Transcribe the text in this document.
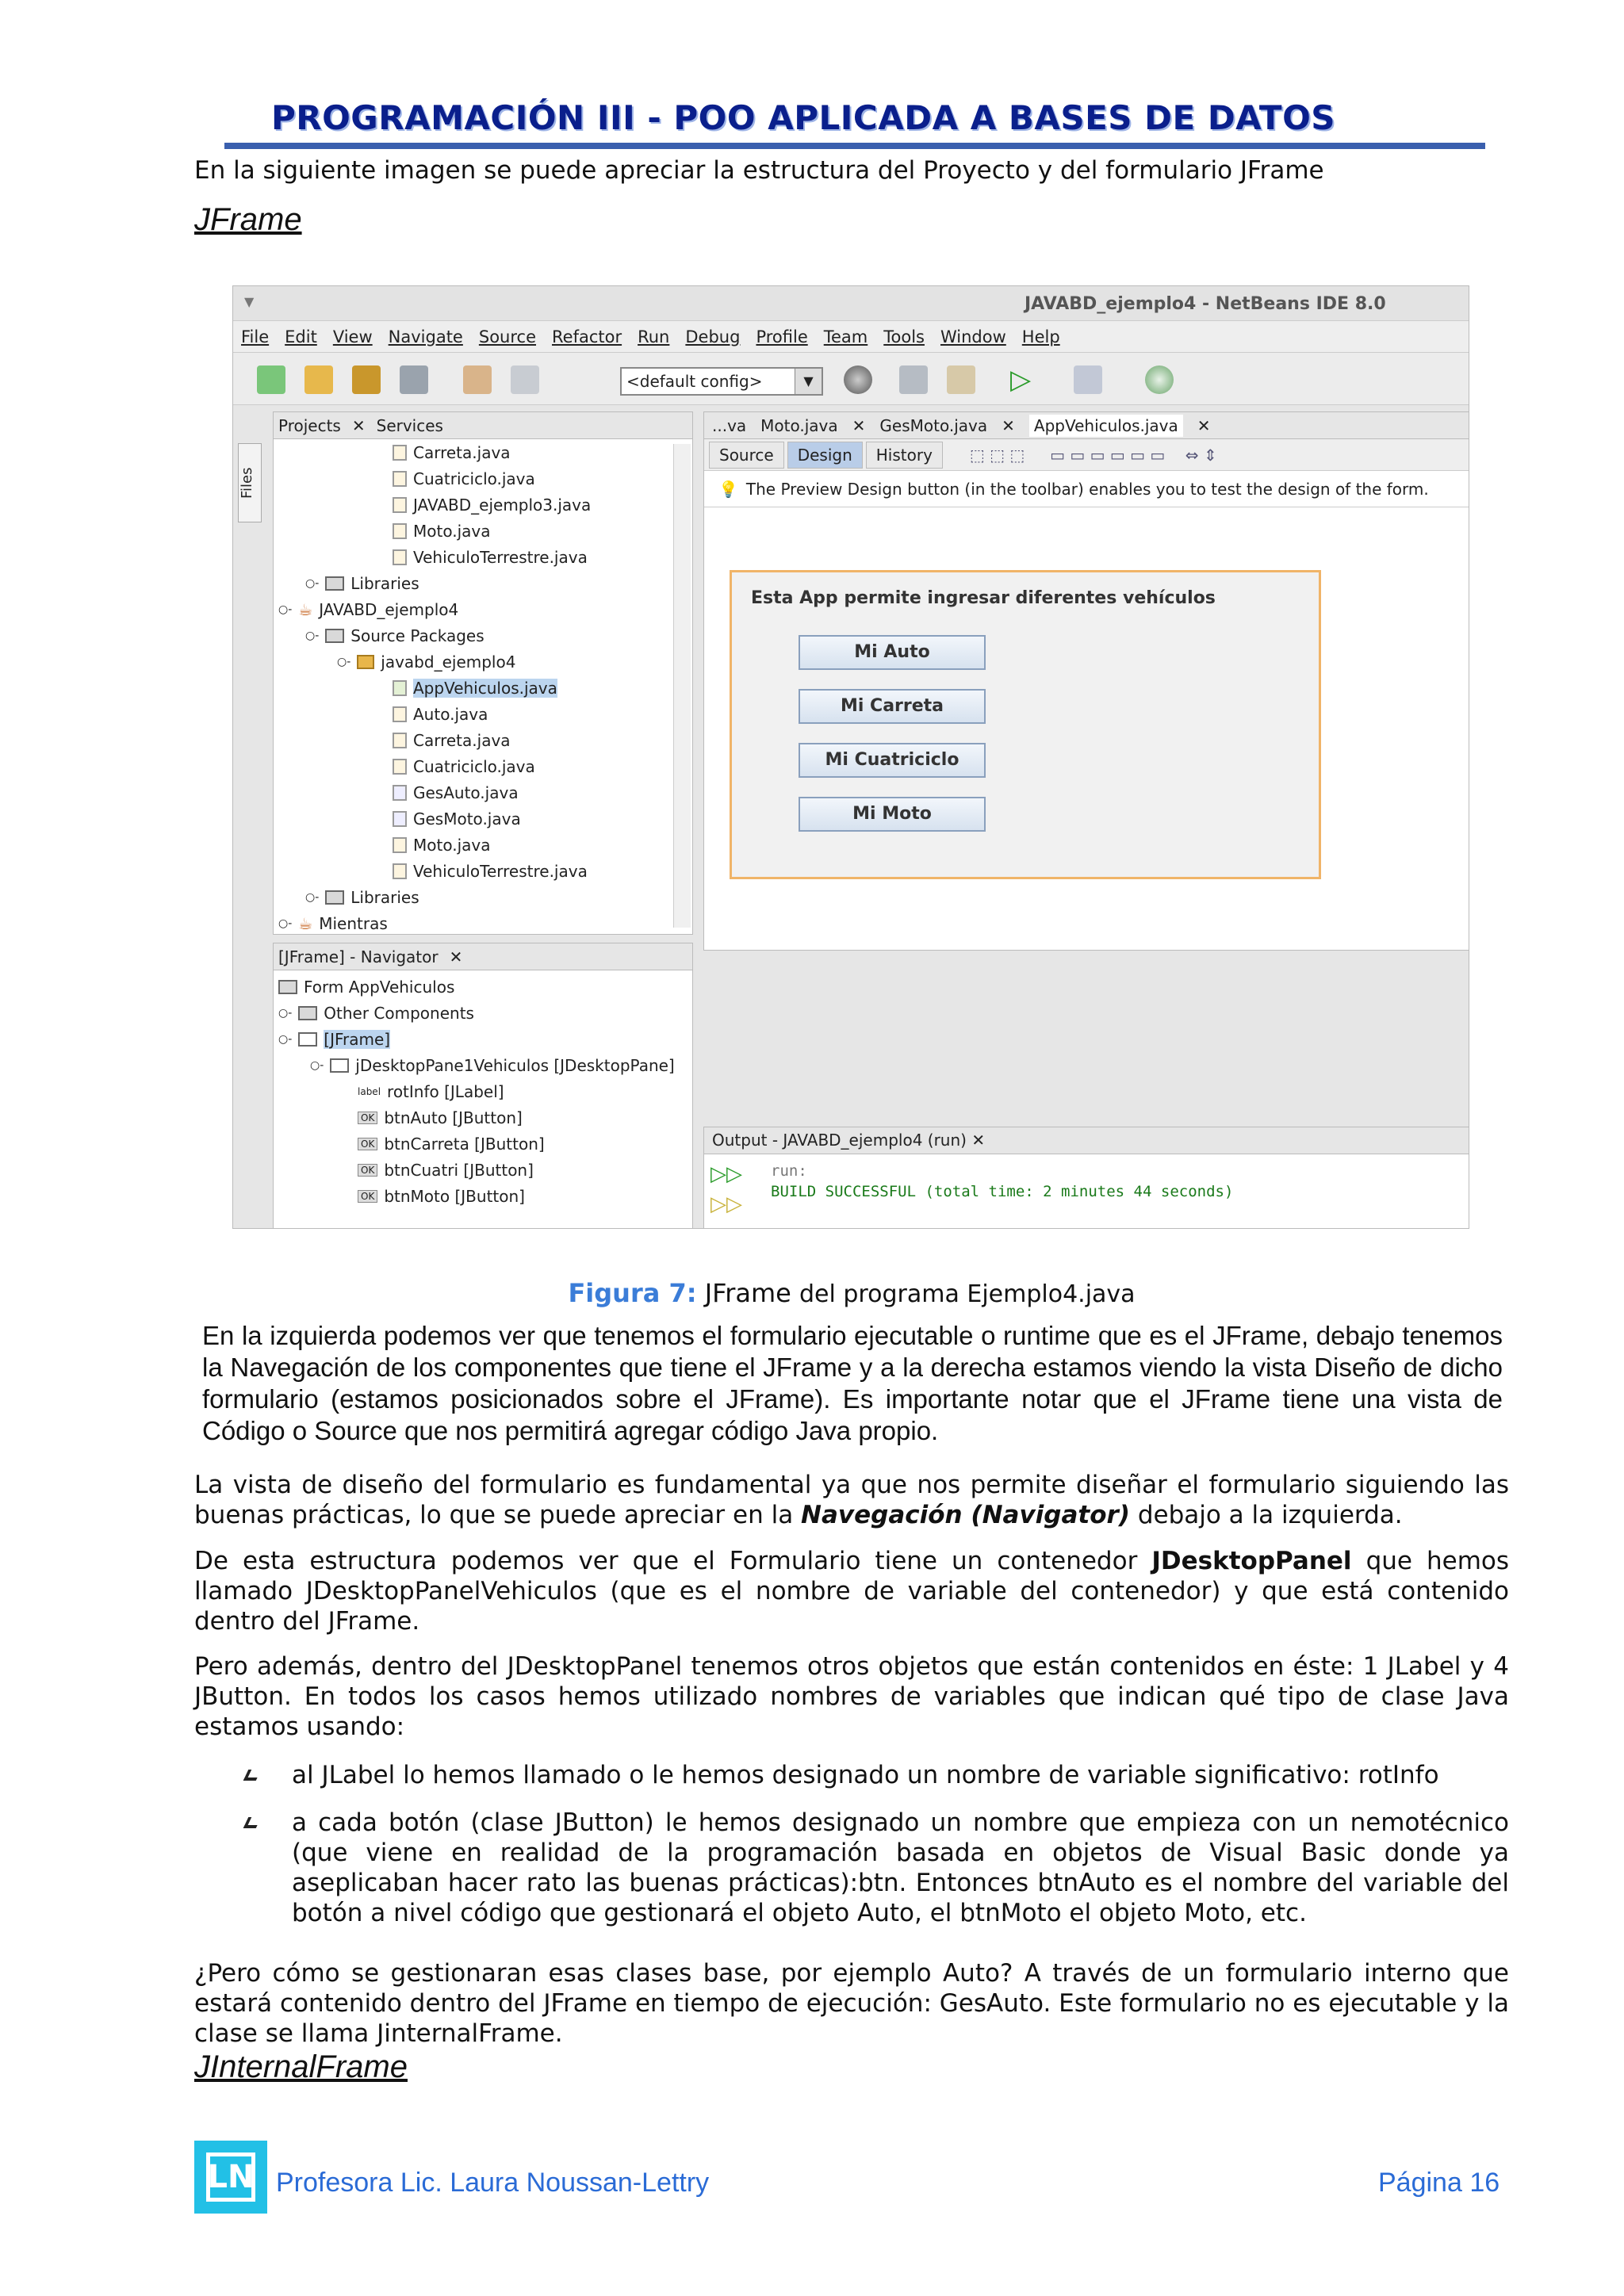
PROGRAMACIÓN III - POO APLICADA A BASES DE DATOS
En la siguiente imagen se puede apreciar la estructura del Proyecto y del formulario JFrame
JFrame
▼	JAVABD_ejemplo4 - NetBeans IDE 8.0
File Edit View Navigate Source Refactor Run Debug Profile Team Tools Window Help
<default config>	▼	▷
Files
Projects ✕ Services
Carreta.java
Cuatriciclo.java
JAVABD_ejemplo3.java
Moto.java
VehiculoTerrestre.java
○- Libraries
○- ☕ JAVABD_ejemplo4
○- Source Packages
○- javabd_ejemplo4
AppVehiculos.java
Auto.java
Carreta.java
Cuatriciclo.java
GesAuto.java
GesMoto.java
Moto.java
VehiculoTerrestre.java
○- Libraries
○- ☕ Mientras
[JFrame] - Navigator ✕
Form AppVehiculos
○- Other Components
○- [JFrame]
○- jDesktopPane1Vehiculos [JDesktopPane]
label rotInfo [JLabel]
OK btnAuto [JButton]
OK btnCarreta [JButton]
OK btnCuatri [JButton]
OK btnMoto [JButton]
...va Moto.java ✕ GesMoto.java ✕	AppVehiculos.java	✕
Source	Design	History	⬚ ⬚ ⬚     ▭ ▭ ▭ ▭ ▭ ▭    ⇔ ⇕
💡 The Preview Design button (in the toolbar) enables you to test the design of the form.
Esta App permite ingresar diferentes vehículos
Mi Auto
Mi Carreta
Mi Cuatriciclo
Mi Moto
Output - JAVABD_ejemplo4 (run) ✕
▷▷
▷▷
run:
BUILD SUCCESSFUL (total time: 2 minutes 44 seconds)
Figura 7: JFrame del programa Ejemplo4.java
En la izquierda podemos ver que tenemos el formulario ejecutable o runtime que es el JFrame, debajo tenemos la Navegación de los componentes que tiene el JFrame y a la derecha estamos viendo la vista Diseño de dicho formulario (estamos posicionados sobre el JFrame). Es importante notar que el JFrame tiene una vista de Código o Source que nos permitirá agregar código Java propio.
La vista de diseño del formulario es fundamental ya que nos permite diseñar el formulario siguiendo las buenas prácticas, lo que se puede apreciar en la Navegación (Navigator) debajo a la izquierda.
De esta estructura podemos ver que el Formulario tiene un contenedor JDesktopPanel que hemos llamado JDesktopPanelVehiculos (que es el nombre de variable del contenedor) y que está contenido dentro del JFrame.
Pero además, dentro del JDesktopPanel tenemos otros objetos que están contenidos en éste: 1 JLabel y 4 JButton. En todos los casos hemos utilizado nombres de variables que indican qué tipo de clase Java estamos usando:
al JLabel lo hemos llamado o le hemos designado un nombre de variable significativo: rotInfo
a cada botón (clase JButton) le hemos designado un nombre que empieza con un nemotécnico (que viene en realidad de la programación basada en objetos de Visual Basic donde ya aseplicaban hacer rato las buenas prácticas):btn. Entonces btnAuto es el nombre del variable del botón a nivel código que gestionará el objeto Auto, el btnMoto el objeto Moto, etc.
¿Pero cómo se gestionaran esas clases base, por ejemplo Auto? A través de un formulario interno que estará contenido dentro del JFrame en tiempo de ejecución: GesAuto. Este formulario no es ejecutable y la clase se llama JinternalFrame.
JInternalFrame
LN Profesora Lic. Laura Noussan-Lettry	Página 16
